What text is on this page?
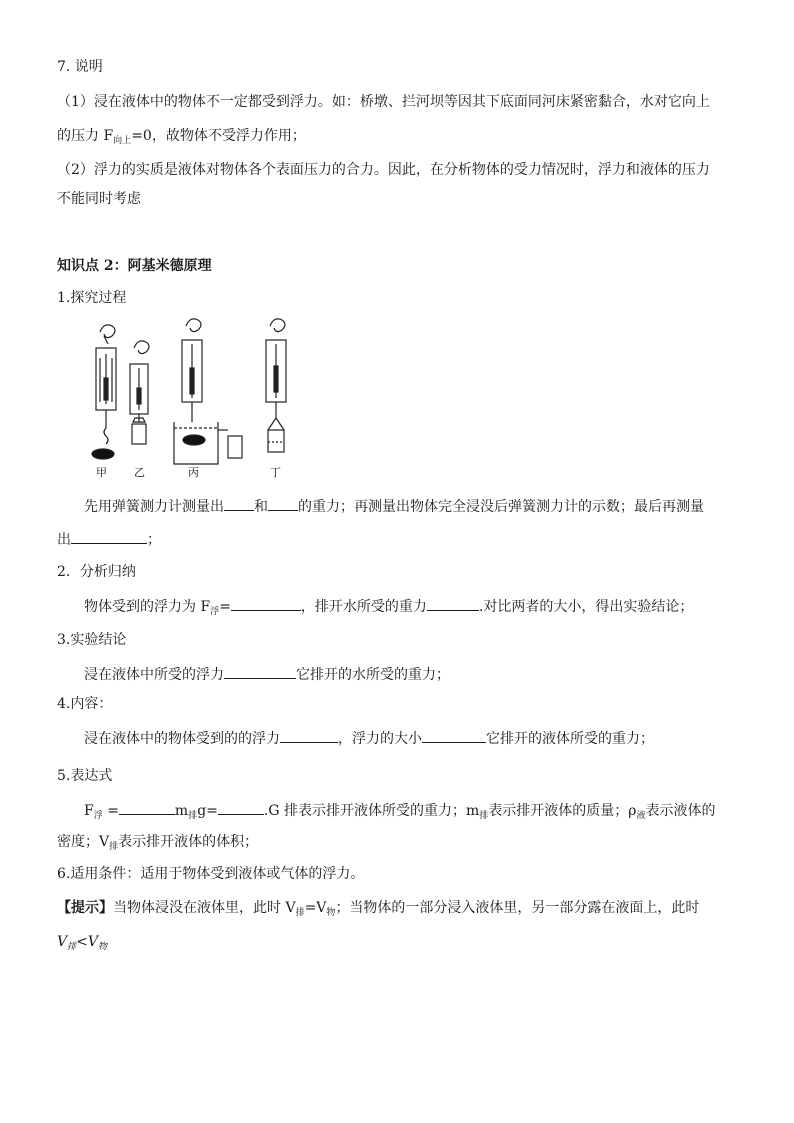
7. 说明
（1）浸在液体中的物体不一定都受到浮力。如：桥墩、拦河坝等因其下底面同河床紧密黏合，水对它向上
的压力 $F_{向上}=0$，故物体不受浮力作用；
（2）浮力的实质是液体对物体各个表面压力的合力。因此，在分析物体的受力情况时，浮力和液体的压力
不能同时考虑
知识点 2：阿基米德原理
1.探究过程
甲 乙	丙	丁
先用弹簧测力计测量出 和 的重力；再测量出物体完全浸没后弹簧测力计的示数；最后再测量
出	；
2．分析归纳
物体受到的浮力为 $F_浮=$	，排开水所受的重力	.对比两者的大小，得出实验结论；
3.实验结论
浸在液体中所受的浮力	它排开的水所受的重力；
4.内容：
浸在液体中的物体受到的的浮力	，浮力的大小	它排开的液体所受的重力；
5.表达式
$F_浮$ =	$m_排g=$	.G 排表示排开液体所受的重力；$m_排$表示排开液体的质量；$\rho_液$表示液体的
密度；$V_排$表示排开液体的体积；
6.适用条件：适用于物体受到液体或气体的浮力。
【提示】当物体浸没在液体里，此时 $V_排=V_物$；当物体的一部分浸入液体里，另一部分露在液面上，此时
$V_排<V_物$
